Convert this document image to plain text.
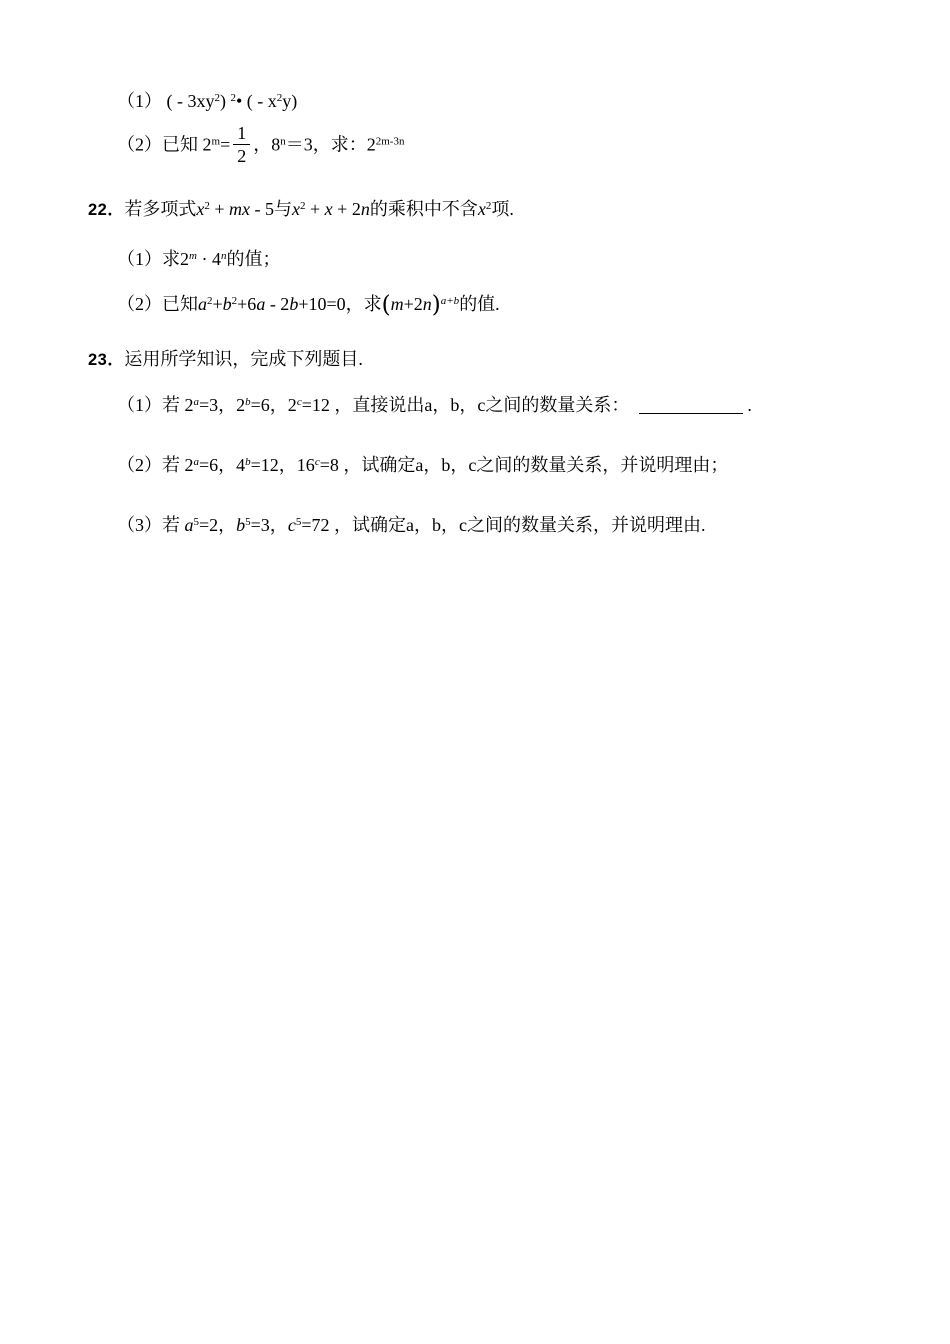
（1） ( - $3xy^2$) $^2$• ( - $x^2y$)
（2）已知 $2^m= \frac{1}{2}$ ，$8^n=3$，求：$2^{2m-3n}$
22．若多项式$x^2$ + mx - 5与$x^2 + x + 2n$的乘积中不含$x^2$项.
（1）求$2^m \cdot 4^n$的值；
（2）已知$a^2+b^2+6a - 2b+10=0$，求$(m+2n)^{a+b}$的值.
23．运用所学知识，完成下列题目.
（1）若 $2^a=3$，$2^b=6$，$2^c=12$ ，直接说出a，b，c之间的数量关系：	.
（2）若 $2^a=6$，$4^b=12$，$16^c=8$ ，试确定a，b，c之间的数量关系，并说明理由；
（3）若 $a^5=2$，$b^5=3$，$c^5=72$ ，试确定a，b，c之间的数量关系，并说明理由.
